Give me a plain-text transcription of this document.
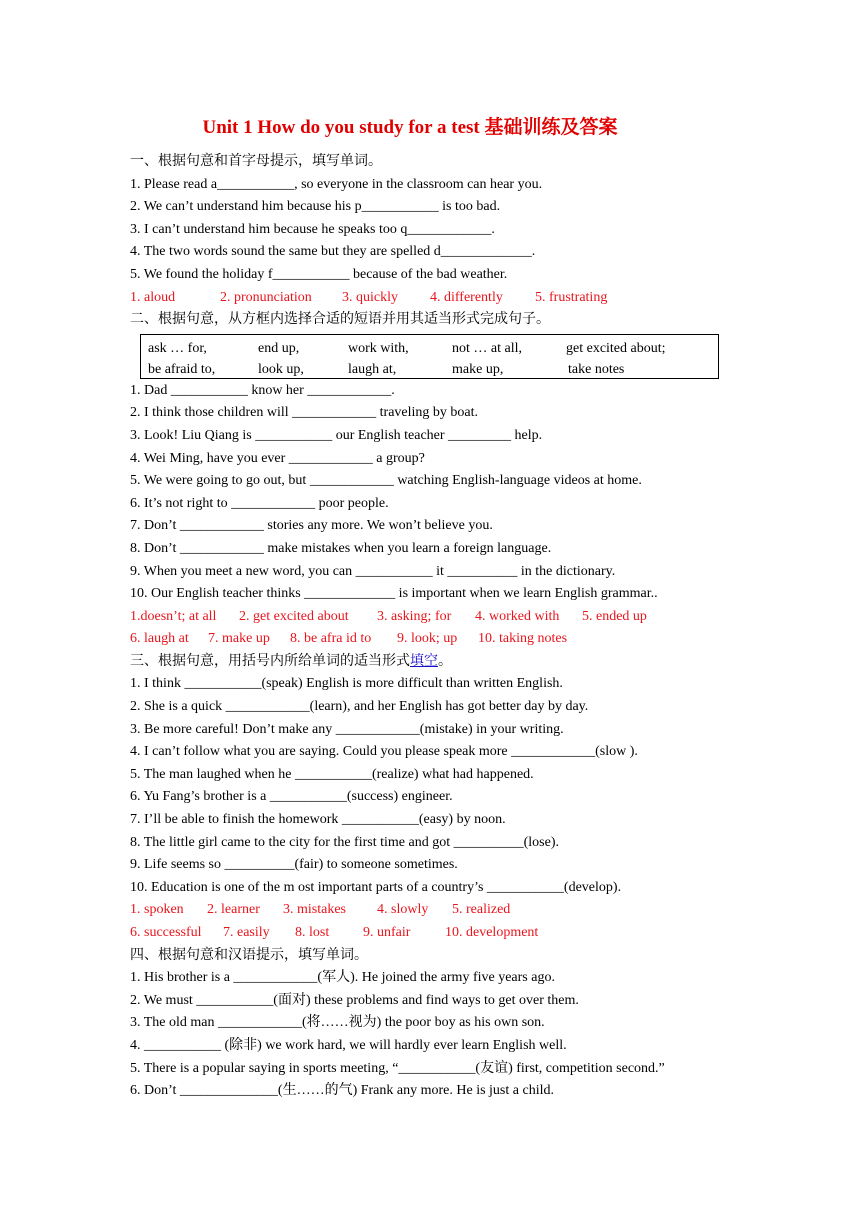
Unit 1 How do you study for a test 基础训练及答案
一、根据句意和首字母提示，填写单词。
1. Please read a___________, so everyone in the classroom can hear you.
2. We can’t understand him because his p___________ is too bad.
3. I can’t understand him because he speaks too q____________.
4. The two words sound the same but they are spelled d_____________.
5. We found the holiday f___________ because of the bad weather.
1. aloud	2. pronunciation 3. quickly 4. differently 5. frustrating
二、根据句意，从方框内选择合适的短语并用其适当形式完成句子。
ask … for,	end up,	work with,	not … at all,	get excited about;
be afraid to,	look up,	laugh at,	make up,	take notes
1. Dad ___________ know her ____________.
2. I think those children will ____________ traveling by boat.
3. Look! Liu Qiang is ___________ our English teacher _________ help.
4. Wei Ming, have you ever ____________ a group?
5. We were going to go out, but ____________ watching English-language videos at home.
6. It’s not right to ____________ poor people.
7. Don’t ____________ stories any more. We won’t believe you.
8. Don’t ____________ make mistakes when you learn a foreign language.
9. When you meet a new word, you can ___________ it __________ in the dictionary.
10. Our English teacher thinks _____________ is important when we learn English grammar..
1.doesn’t; at all 2. get excited about 3. asking; for 4. worked with 5. ended up
6. laugh at 7. make up 8. be afra id to 9. look; up 10. taking notes
三、根据句意，用括号内所给单词的适当形式填空。
1. I think ___________(speak) English is more difficult than written English.
2. She is a quick ____________(learn), and her English has got better day by day.
3. Be more careful! Don’t make any ____________(mistake) in your writing.
4. I can’t follow what you are saying. Could you please speak more ____________(slow ).
5. The man laughed when he ___________(realize) what had happened.
6. Yu Fang’s brother is a ___________(success) engineer.
7. I’ll be able to finish the homework ___________(easy) by noon.
8. The little girl came to the city for the first time and got __________(lose).
9. Life seems so __________(fair) to someone sometimes.
10. Education is one of the m ost important parts of a country’s ___________(develop).
1. spoken 2. learner 3. mistakes 4. slowly 5. realized
6. successful 7. easily 8. lost 9. unfair 10. development
四、根据句意和汉语提示，填写单词。
1. His brother is a ____________(军人). He joined the army five years ago.
2. We must ___________(面对) these problems and find ways to get over them.
3. The old man ____________(将……视为) the poor boy as his own son.
4. ___________ (除非) we work hard, we will hardly ever learn English well.
5. There is a popular saying in sports meeting, “___________(友谊) first, competition second.”
6. Don’t ______________(生……的气) Frank any more. He is just a child.
